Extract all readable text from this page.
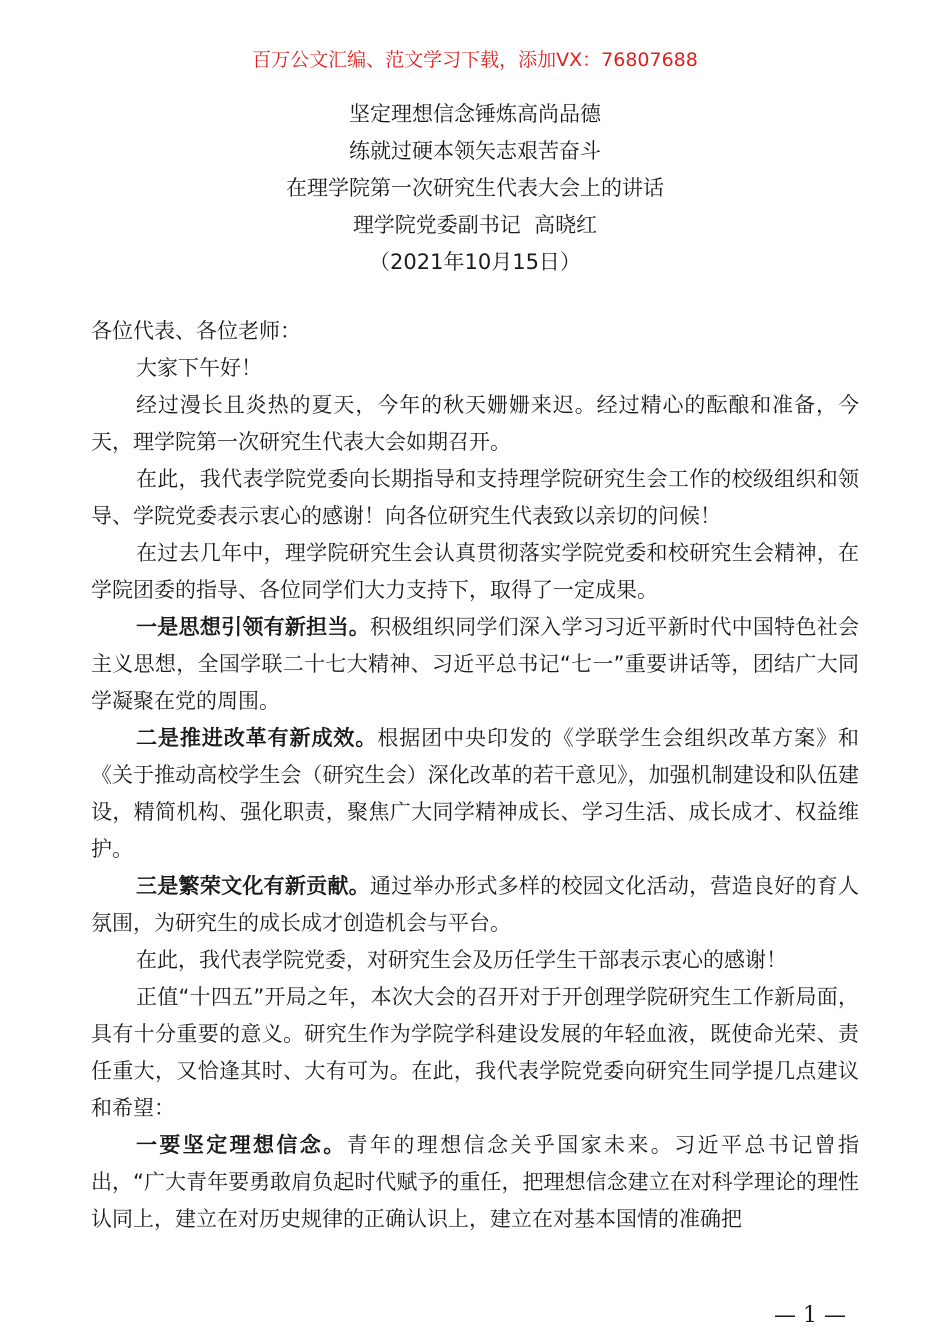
百万公文汇编、范文学习下载，添加VX：76807688
坚定理想信念锤炼高尚品德
练就过硬本领矢志艰苦奋斗
在理学院第一次研究生代表大会上的讲话
理学院党委副书记  高晓红
（2021年10月15日）

各位代表、各位老师：

大家下午好！

经过漫长且炎热的夏天，今年的秋天姗姗来迟。经过精心的酝酿和准备，今天，理学院第一次研究生代表大会如期召开。

在此，我代表学院党委向长期指导和支持理学院研究生会工作的校级组织和领导、学院党委表示衷心的感谢！向各位研究生代表致以亲切的问候！

在过去几年中，理学院研究生会认真贯彻落实学院党委和校研究生会精神，在学院团委的指导、各位同学们大力支持下，取得了一定成果。

一是思想引领有新担当。积极组织同学们深入学习习近平新时代中国特色社会主义思想，全国学联二十七大精神、习近平总书记“七一”重要讲话等，团结广大同学凝聚在党的周围。

二是推进改革有新成效。根据团中央印发的《学联学生会组织改革方案》和《关于推动高校学生会（研究生会）深化改革的若干意见》，加强机制建设和队伍建设，精简机构、强化职责，聚焦广大同学精神成长、学习生活、成长成才、权益维护。

三是繁荣文化有新贡献。通过举办形式多样的校园文化活动，营造良好的育人氛围，为研究生的成长成才创造机会与平台。

在此，我代表学院党委，对研究生会及历任学生干部表示衷心的感谢！

正值“十四五”开局之年，本次大会的召开对于开创理学院研究生工作新局面，具有十分重要的意义。研究生作为学院学科建设发展的年轻血液，既使命光荣、责任重大，又恰逢其时、大有可为。在此，我代表学院党委向研究生同学提几点建议和希望：

一要坚定理想信念。青年的理想信念关乎国家未来。习近平总书记曾指出，“广大青年要勇敢肩负起时代赋予的重任，把理想信念建立在对科学理论的理性认同上，建立在对历史规律的正确认识上，建立在对基本国情的准确把

— 1 —
